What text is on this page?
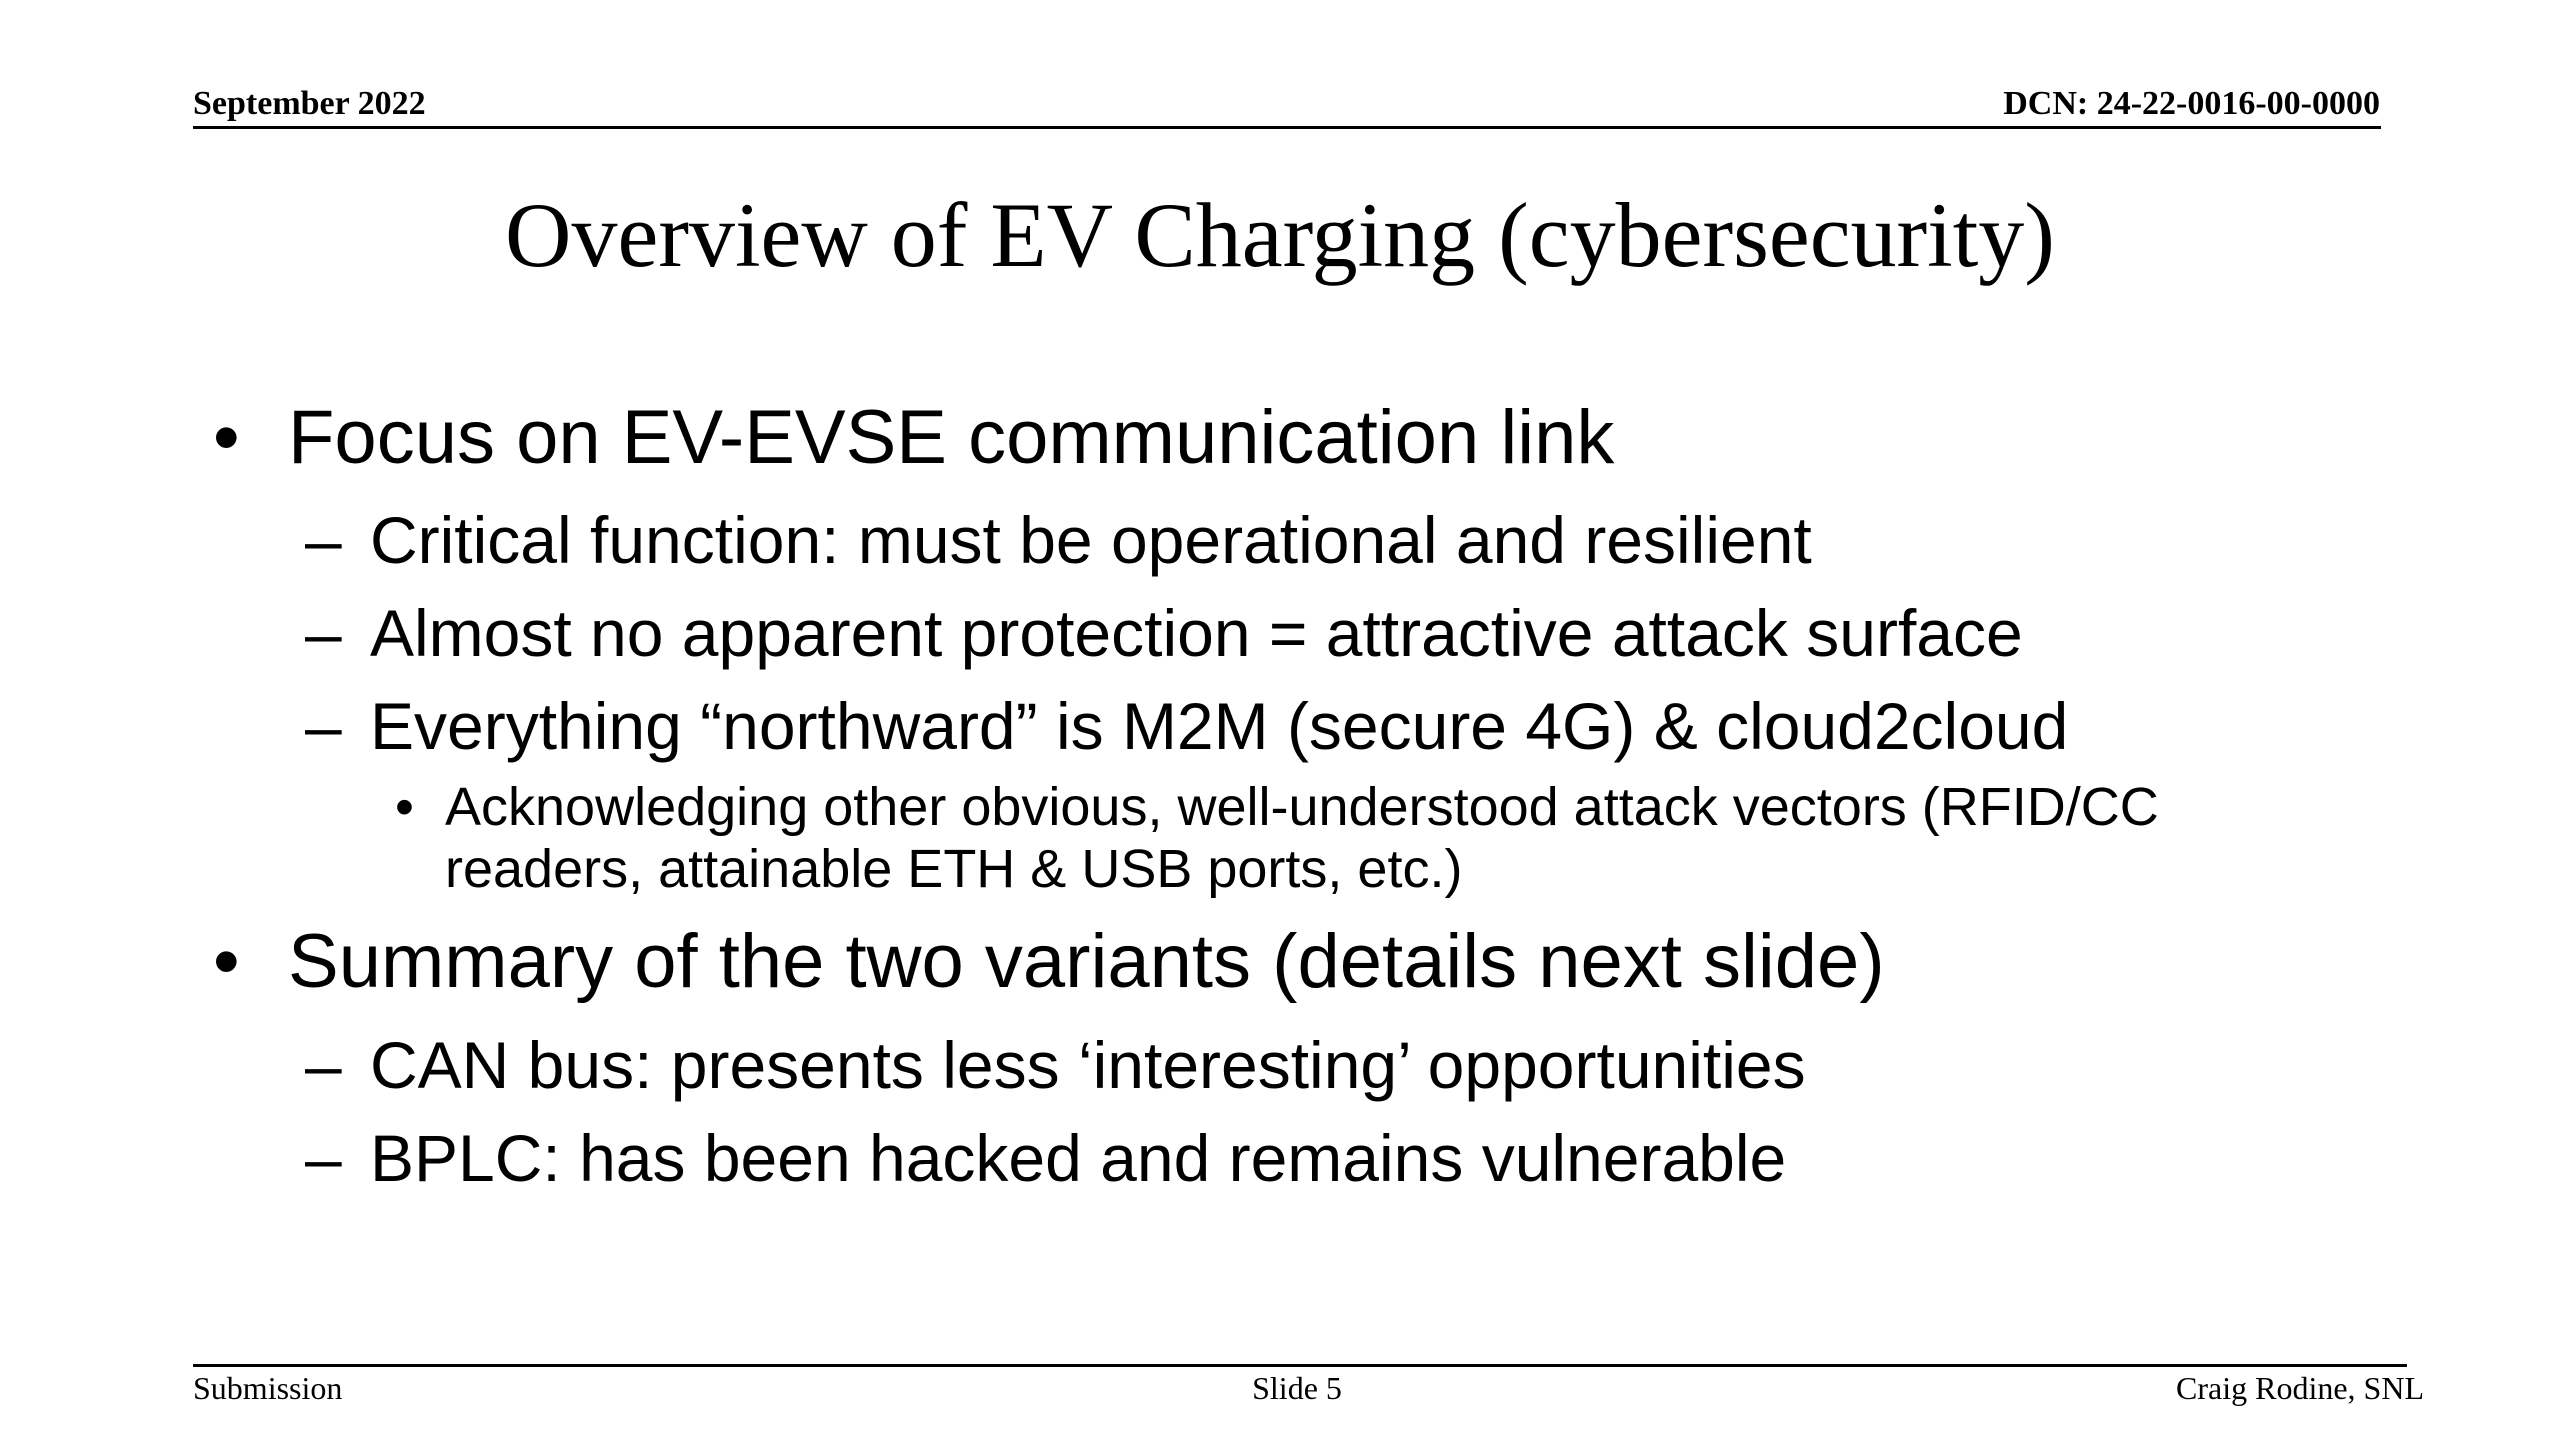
September 2022	DCN: 24-22-0016-00-0000
Overview of EV Charging (cybersecurity)
• Focus on EV-EVSE communication link
– Critical function: must be operational and resilient
– Almost no apparent protection = attractive attack surface
– Everything “northward” is M2M (secure 4G) & cloud2cloud
• Acknowledging other obvious, well-understood attack vectors (RFID/CC
readers, attainable ETH & USB ports, etc.)
• Summary of the two variants (details next slide)
– CAN bus: presents less ‘interesting’ opportunities
– BPLC: has been hacked and remains vulnerable
Submission	Slide 5	Craig Rodine, SNL
